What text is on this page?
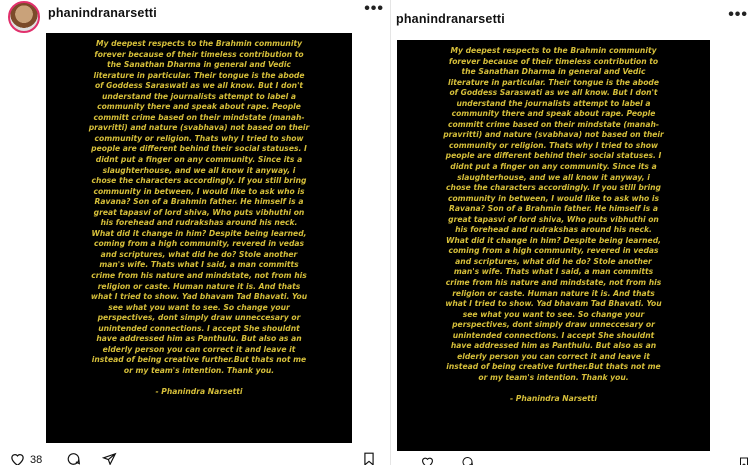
phanindranarsetti	•••
My deepest respects to the Brahmin community
forever because of their timeless contribution to
the Sanathan Dharma in general and Vedic
literature in particular. Their tongue is the abode
of Goddess Saraswati as we all know. But I don't
understand the journalists attempt to label a
community there and speak about rape. People
committ crime based on their mindstate (manah-
pravritti) and nature (svabhava) not based on their
community or religion. Thats why I tried to show
people are different behind their social statuses. I
didnt put a finger on any community. Since its a
slaughterhouse, and we all know it anyway, i
chose the characters accordingly. If you still bring
community in between, I would like to ask who is
Ravana? Son of a Brahmin father. He himself is a
great tapasvi of lord shiva, Who puts vibhuthi on
his forehead and rudrakshas around his neck.
What did it change in him? Despite being learned,
coming from a high community, revered in vedas
and scriptures, what did he do? Stole another
man's wife. Thats what I said, a man committs
crime from his nature and mindstate, not from his
religion or caste. Human nature it is. And thats
what I tried to show. Yad bhavam Tad Bhavati. You
see what you want to see. So change your
perspectives, dont simply draw unneccesary or
unintended connections. I accept She shouldnt
have addressed him as Panthulu. But also as an
elderly person you can correct it and leave it
instead of being creative further.But thats not me
or my team's intention. Thank you.
- Phanindra Narsetti
38
phanindranarsetti	•••
My deepest respects to the Brahmin community
forever because of their timeless contribution to
the Sanathan Dharma in general and Vedic
literature in particular. Their tongue is the abode
of Goddess Saraswati as we all know. But I don't
understand the journalists attempt to label a
community there and speak about rape. People
committ crime based on their mindstate (manah-
pravritti) and nature (svabhava) not based on their
community or religion. Thats why I tried to show
people are different behind their social statuses. I
didnt put a finger on any community. Since its a
slaughterhouse, and we all know it anyway, i
chose the characters accordingly. If you still bring
community in between, I would like to ask who is
Ravana? Son of a Brahmin father. He himself is a
great tapasvi of lord shiva, Who puts vibhuthi on
his forehead and rudrakshas around his neck.
What did it change in him? Despite being learned,
coming from a high community, revered in vedas
and scriptures, what did he do? Stole another
man's wife. Thats what I said, a man committs
crime from his nature and mindstate, not from his
religion or caste. Human nature it is. And thats
what I tried to show. Yad bhavam Tad Bhavati. You
see what you want to see. So change your
perspectives, dont simply draw unneccesary or
unintended connections. I accept She shouldnt
have addressed him as Panthulu. But also as an
elderly person you can correct it and leave it
instead of being creative further.But thats not me
or my team's intention. Thank you.
- Phanindra Narsetti
